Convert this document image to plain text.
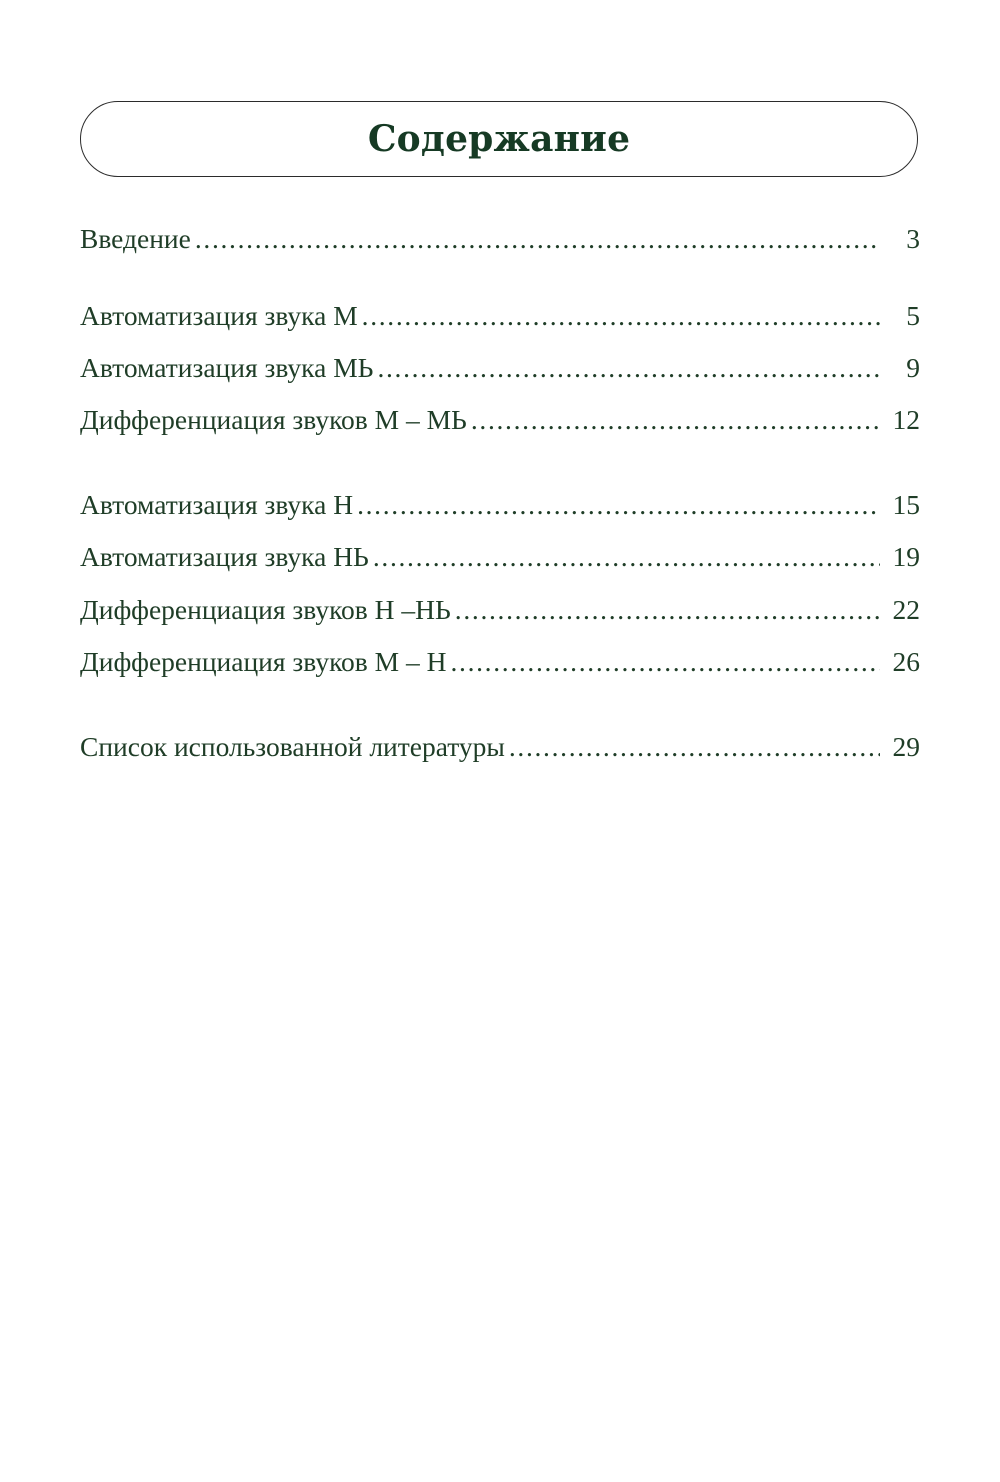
Содержание
Введение . . .	3
Автоматизация звука М . . .	5
Автоматизация звука МЬ . . .	9
Дифференциация звуков М – МЬ . . .	12
Автоматизация звука Н . . .	15
Автоматизация звука НЬ . . .	19
Дифференциация звуков Н –НЬ . . .	22
Дифференциация звуков М – Н . . .	26
Список использованной литературы . . .	29
